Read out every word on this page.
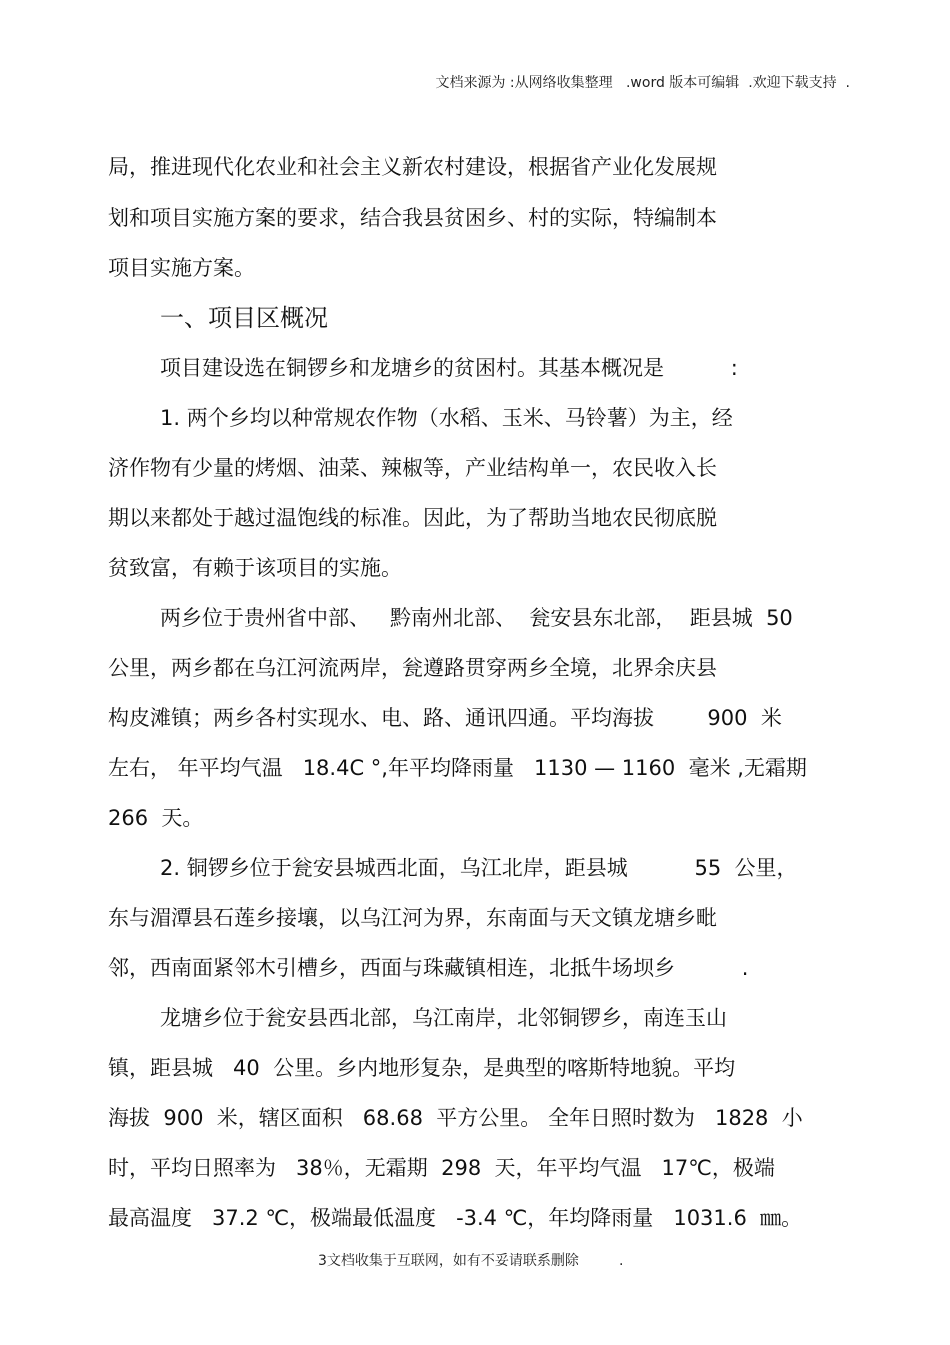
文档来源为 :从网络收集整理   .word 版本可编辑  .欢迎下载支持  .
局，推进现代化农业和社会主义新农村建设，根据省产业化发展规
划和项目实施方案的要求，结合我县贫困乡、村的实际，特编制本
项目实施方案。
一、项目区概况
项目建设选在铜锣乡和龙塘乡的贫困村。其基本概况是          :
1. 两个乡均以种常规农作物（水稻、玉米、马铃薯）为主，经
济作物有少量的烤烟、油菜、辣椒等，产业结构单一，农民收入长
期以来都处于越过温饱线的标准。因此，为了帮助当地农民彻底脱
贫致富，有赖于该项目的实施。
两乡位于贵州省中部、   黔南州北部、  瓮安县东北部，  距县城  50
公里，两乡都在乌江河流两岸，瓮遵路贯穿两乡全境，北界余庆县
构皮滩镇；两乡各村实现水、电、路、通讯四通。平均海拔        900  米
左右， 年平均气温   18.4C °,年平均降雨量   1130 — 1160  毫米 ,无霜期
266  天。
2. 铜锣乡位于瓮安县城西北面，乌江北岸，距县城          55  公里，
东与湄潭县石莲乡接壤，以乌江河为界，东南面与天文镇龙塘乡毗
邻，西南面紧邻木引槽乡，西面与珠藏镇相连，北抵牛场坝乡          .
龙塘乡位于瓮安县西北部，乌江南岸，北邻铜锣乡，南连玉山
镇，距县城   40  公里。乡内地形复杂，是典型的喀斯特地貌。平均
海拔  900  米，辖区面积   68.68  平方公里。 全年日照时数为   1828  小
时，平均日照率为   38％，无霜期  298  天，年平均气温   17℃，极端
最高温度   37.2 ℃，极端最低温度   -3.4 ℃，年均降雨量   1031.6  ㎜。
3文档收集于互联网，如有不妥请联系删除         .
